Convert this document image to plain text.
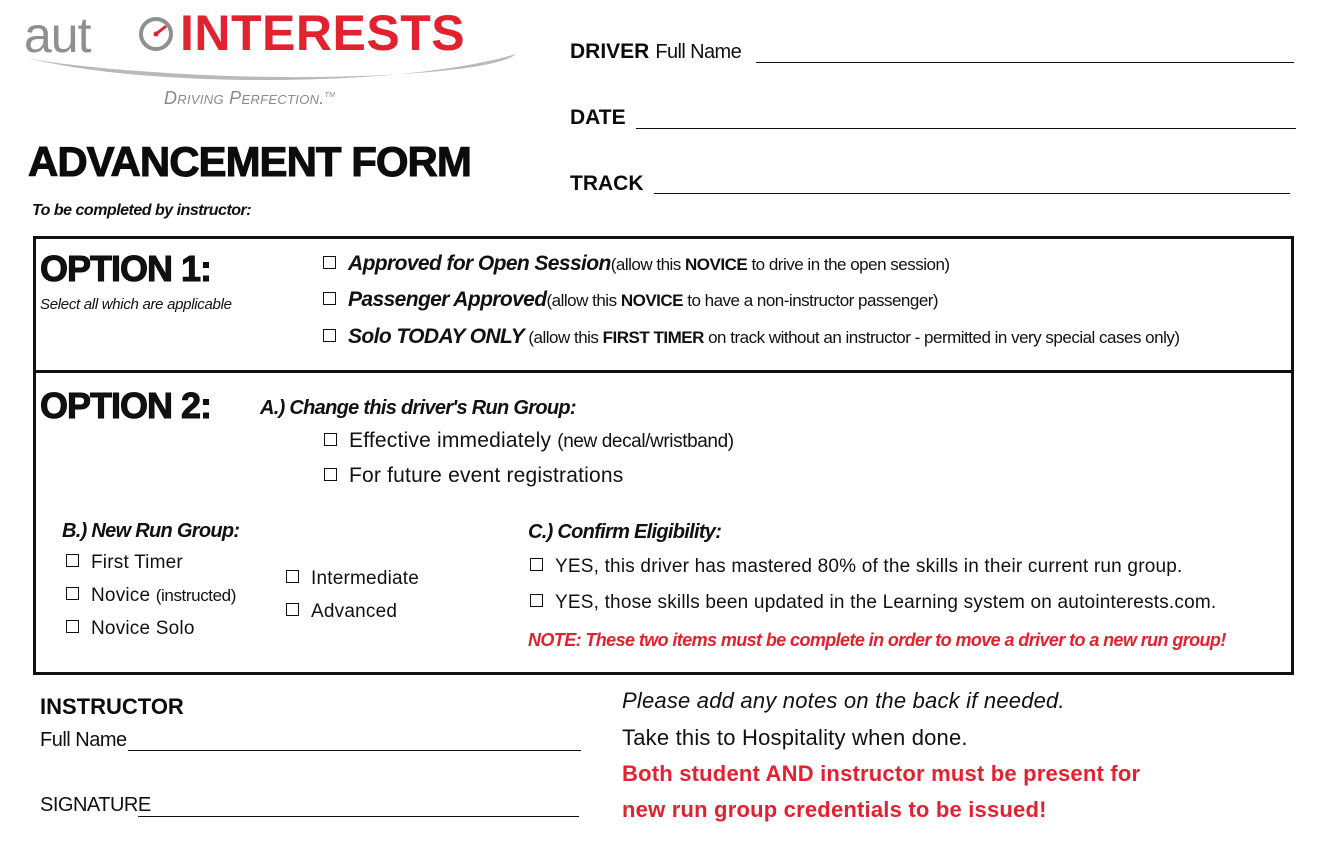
aut INTERESTS
Driving Perfection.™
ADVANCEMENT FORM
To be completed by instructor:
DRIVER Full Name
DATE
TRACK
OPTION 1:
Select all which are applicable
Approved for Open Session(allow this NOVICE to drive in the open session)
Passenger Approved(allow this NOVICE to have a non-instructor passenger)
Solo TODAY ONLY (allow this FIRST TIMER on track without an instructor - permitted in very special cases only)
OPTION 2: A.) Change this driver's Run Group:
Effective immediately (new decal/wristband)
For future event registrations
B.) New Run Group:
First Timer
Novice (instructed)
Novice Solo
Intermediate
Advanced
C.) Confirm Eligibility:
YES, this driver has mastered 80% of the skills in their current run group.
YES, those skills been updated in the Learning system on autointerests.com.
NOTE: These two items must be complete in order to move a driver to a new run group!
INSTRUCTOR
Full Name
SIGNATURE
Please add any notes on the back if needed.
Take this to Hospitality when done.
Both student AND instructor must be present for
new run group credentials to be issued!
